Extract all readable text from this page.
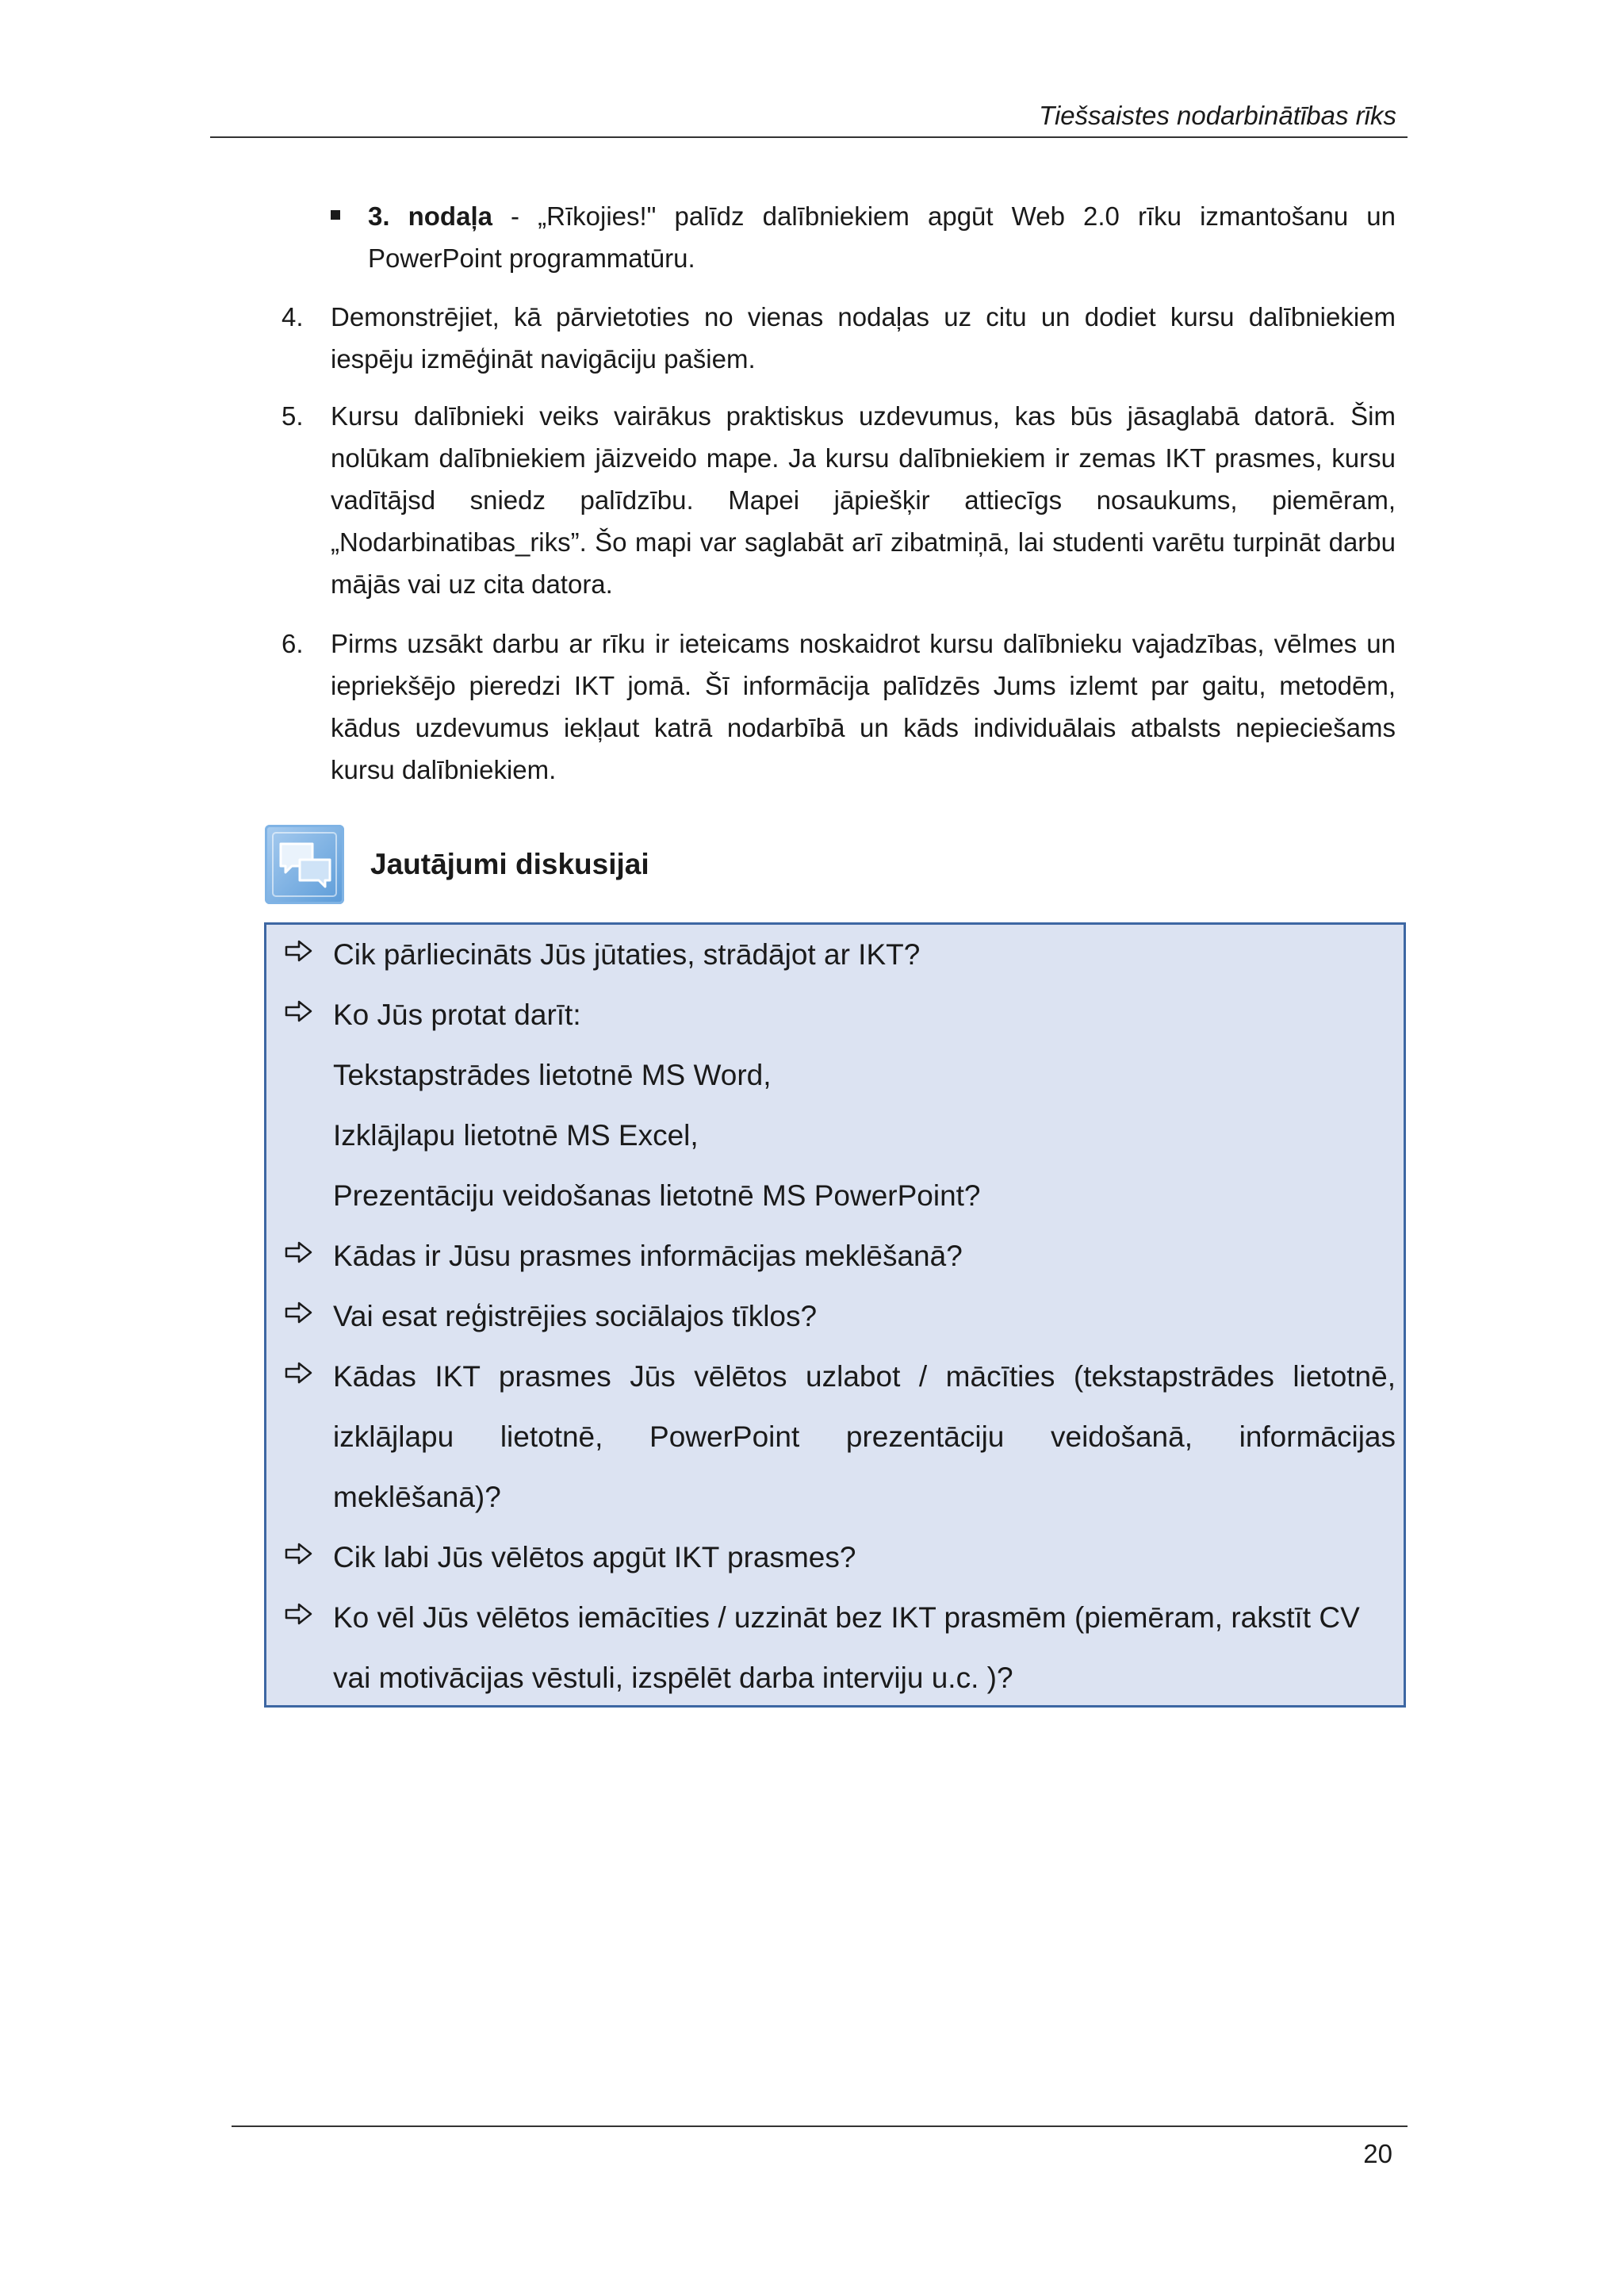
Tiešsaistes nodarbinātības rīks
3. nodaļa - „Rīkojies!" palīdz dalībniekiem apgūt Web 2.0 rīku izmantošanu un PowerPoint programmatūru.
4.	Demonstrējiet, kā pārvietoties no vienas nodaļas uz citu un dodiet kursu dalībniekiem iespēju izmēģināt navigāciju pašiem.
5.	Kursu dalībnieki veiks vairākus praktiskus uzdevumus, kas būs jāsaglabā datorā. Šim nolūkam dalībniekiem jāizveido mape. Ja kursu dalībniekiem ir zemas IKT prasmes, kursu vadītājsd sniedz palīdzību. Mapei jāpiešķir attiecīgs nosaukums, piemēram, „Nodarbinatibas_riks”. Šo mapi var saglabāt arī zibatmiņā, lai studenti varētu turpināt darbu mājās vai uz cita datora.
6.	Pirms uzsākt darbu ar rīku ir ieteicams noskaidrot kursu dalībnieku vajadzības, vēlmes un iepriekšējo pieredzi IKT jomā. Šī informācija palīdzēs Jums izlemt par gaitu, metodēm, kādus uzdevumus iekļaut katrā nodarbībā un kāds individuālais atbalsts nepieciešams kursu dalībniekiem.
Jautājumi diskusijai
Cik pārliecināts Jūs jūtaties, strādājot ar IKT?
Ko Jūs protat darīt:
Tekstapstrādes lietotnē MS Word,
Izklājlapu lietotnē MS Excel,
Prezentāciju veidošanas lietotnē MS PowerPoint?
Kādas ir Jūsu prasmes informācijas meklēšanā?
Vai esat reģistrējies sociālajos tīklos?
Kādas IKT prasmes Jūs vēlētos uzlabot / mācīties (tekstapstrādes lietotnē,
izklājlapu lietotnē, PowerPoint prezentāciju veidošanā, informācijas
meklēšanā)?
Cik labi Jūs vēlētos apgūt IKT prasmes?
Ko vēl Jūs vēlētos iemācīties / uzzināt bez IKT prasmēm (piemēram, rakstīt CV
vai motivācijas vēstuli, izspēlēt darba interviju u.c. )?
20
